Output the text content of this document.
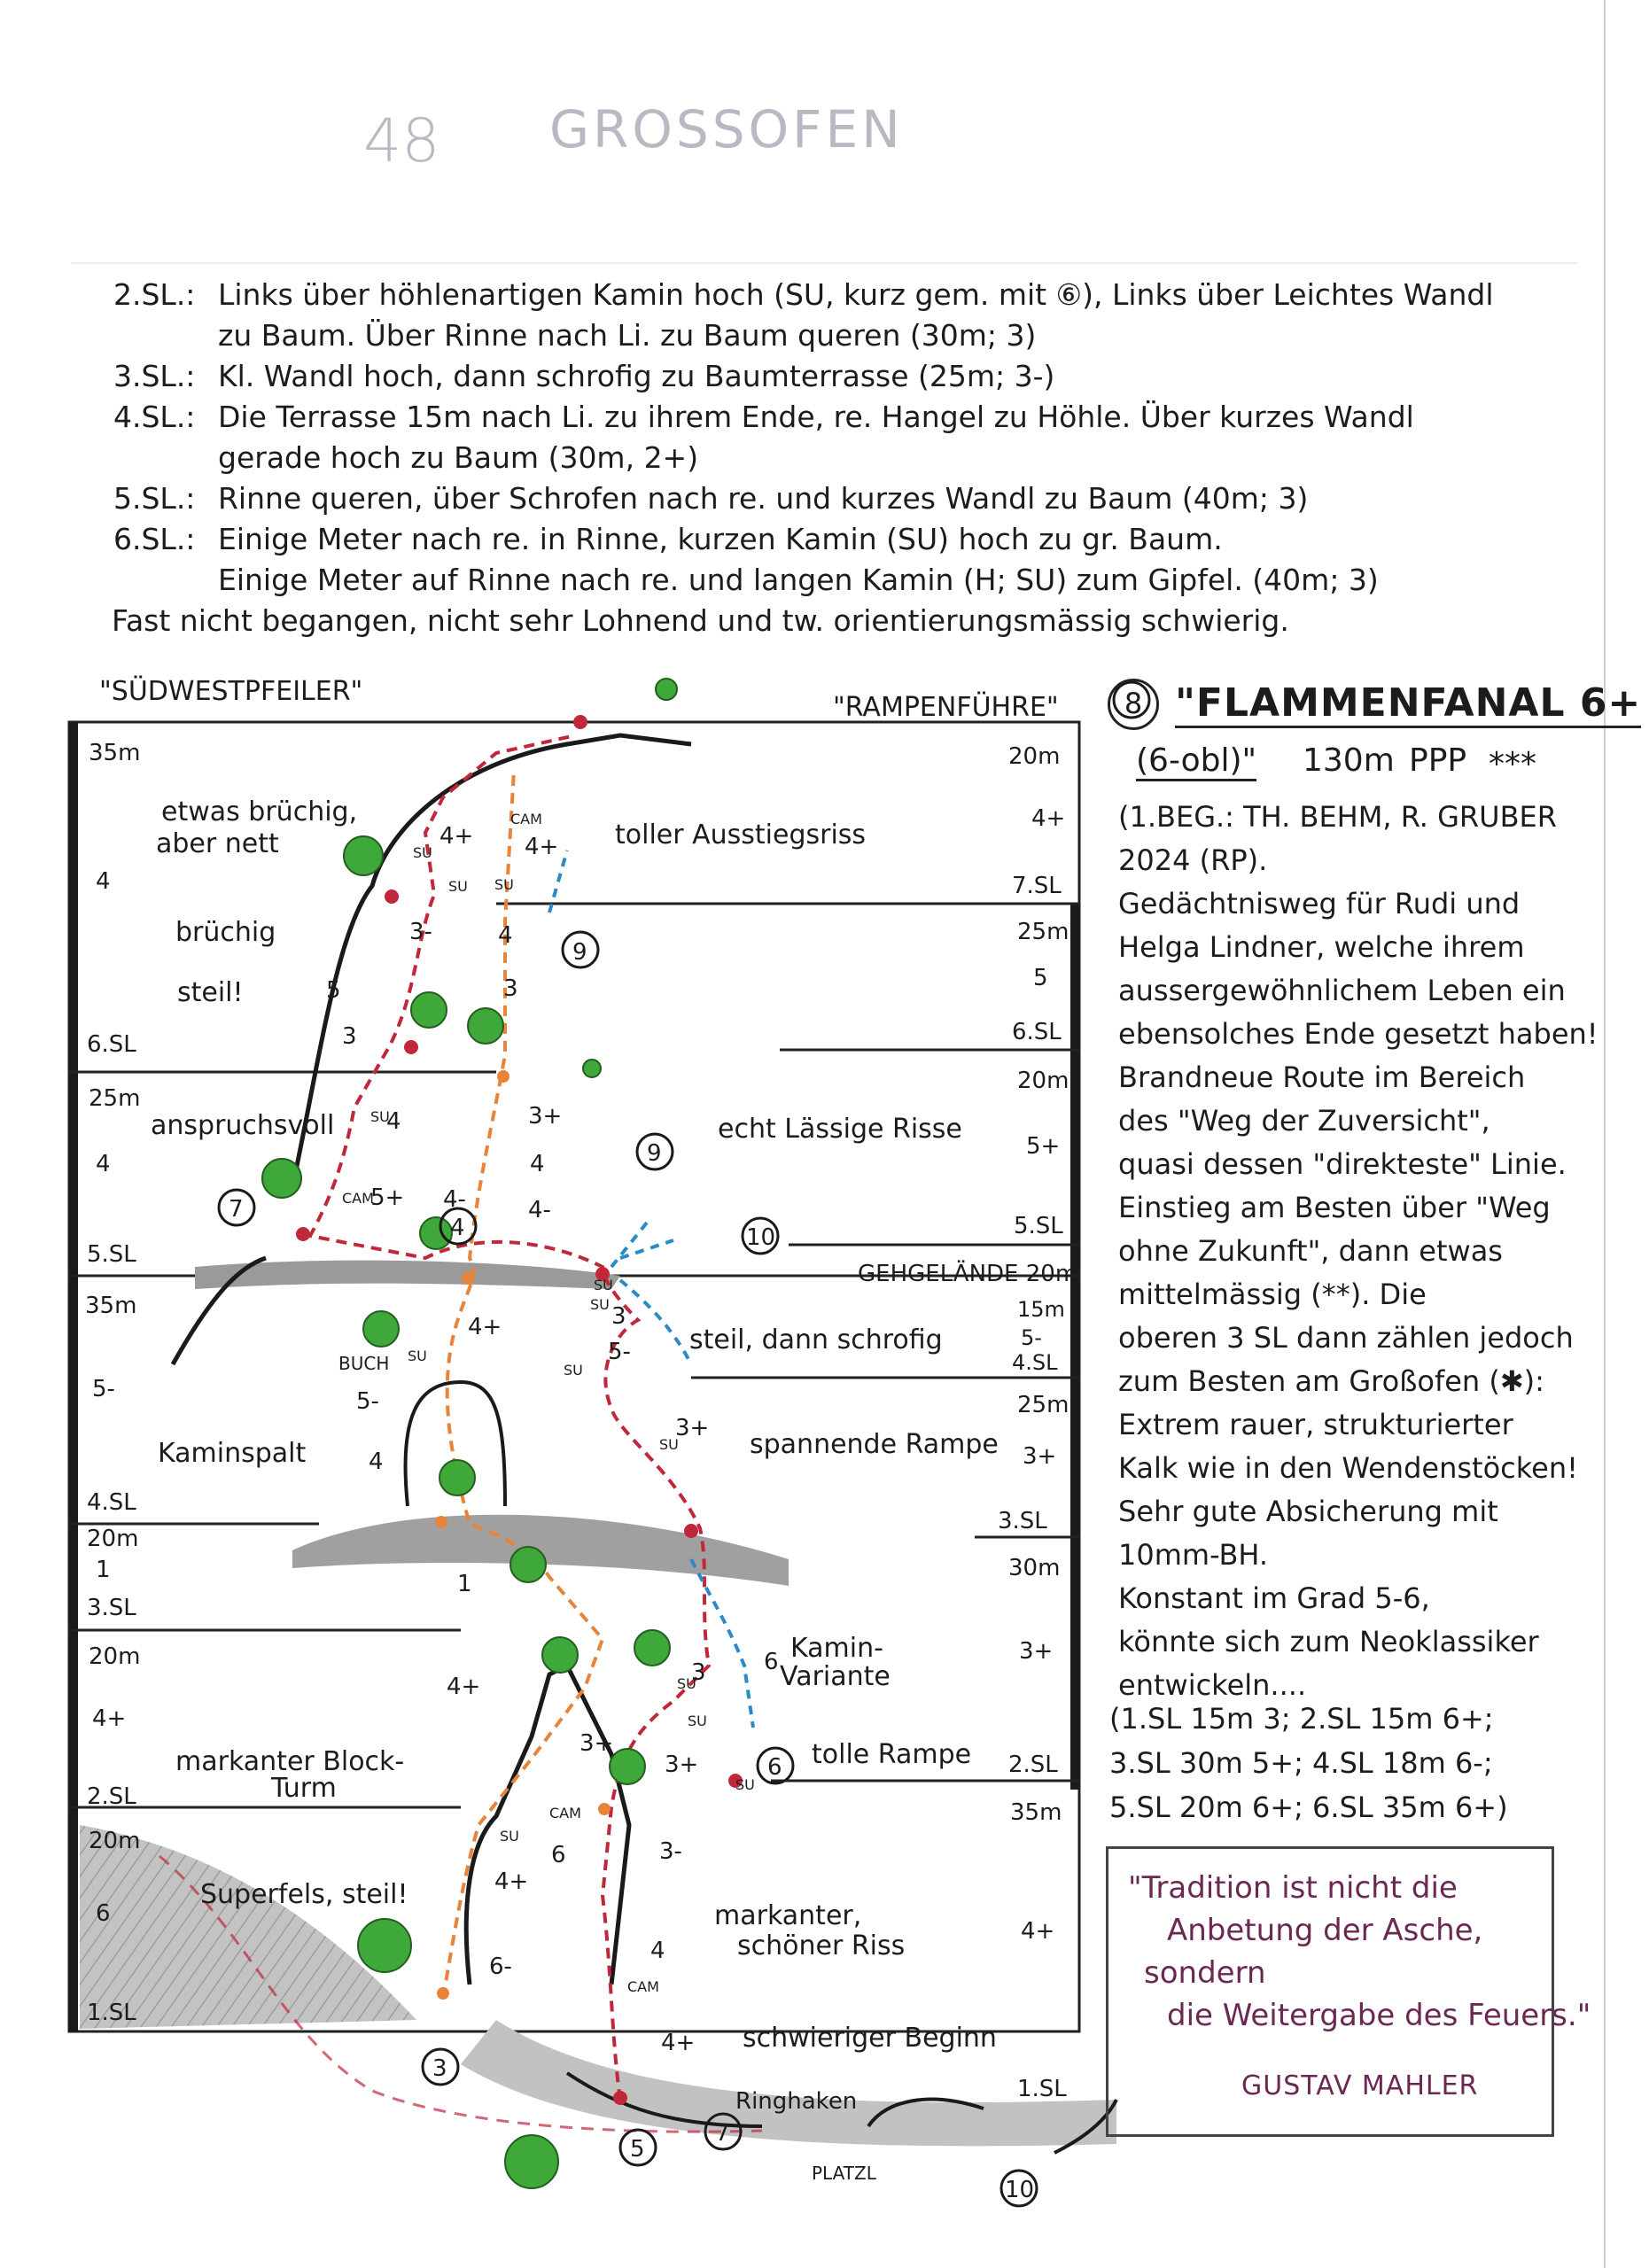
48 GROSSOFEN
2.SL.: Links über höhlenartigen Kamin hoch (SU, kurz gem. mit ⑥), Links über Leichtes Wandl
zu Baum. Über Rinne nach Li. zu Baum queren (30m; 3)
3.SL.: Kl. Wandl hoch, dann schrofig zu Baumterrasse (25m; 3-)
4.SL.: Die Terrasse 15m nach Li. zu ihrem Ende, re. Hangel zu Höhle. Über kurzes Wandl
gerade hoch zu Baum (30m, 2+)
5.SL.: Rinne queren, über Schrofen nach re. und kurzes Wandl zu Baum (40m; 3)
6.SL.: Einige Meter nach re. in Rinne, kurzen Kamin (SU) hoch zu gr. Baum.
Einige Meter auf Rinne nach re. und langen Kamin (H; SU) zum Gipfel. (40m; 3)
Fast nicht begangen, nicht sehr Lohnend und tw. orientierungsmässig schwierig.
"SÜDWESTPFEILER"
"RAMPENFÜHRE"
35m
4
6.SL
25m
4
5.SL
35m
5-
4.SL
20m
1
3.SL
20m
4+
2.SL
20m
6
1.SL
20m
4+
7.SL
25m
5
6.SL
20m
5+
5.SL
GEHGELÄNDE 20m
15m
5-
4.SL
25m
3+
3.SL
30m
3+
2.SL
35m
4+
1.SL
etwas brüchig,
aber nett
brüchig
steil!
anspruchsvoll
Kaminspalt
markanter Block-
Turm
Superfels, steil!
toller Ausstiegsriss
echt Lässige Risse
steil, dann schrofig
spannende Rampe
Kamin-
Variante
tolle Rampe
markanter,
schöner Riss
schwieriger Beginn
Ringhaken
PLATZL
BUCH
4+ 4+
3-	4
5	3
3
4	3+
4
4-	4-
5+
4+	3
5-
5-
4
3+
1
4+
3	6
3+
3+
6
4+
6-
3-
4
4+
CAM
SU
SU SU
CAM
SU
SU
SU
SU
SU
SU
SU
CAM
SU
SU
SU
CAM
9
9
10
7
4
6
3
5
7
10
8 "FLAMMENFANAL 6+
(6-obl)" 130m PPP ***
(1.BEG.: TH. BEHM, R. GRUBER
2024 (RP).
Gedächtnisweg für Rudi und
Helga Lindner, welche ihrem
aussergewöhnlichem Leben ein
ebensolches Ende gesetzt haben!
Brandneue Route im Bereich
des "Weg der Zuversicht",
quasi dessen "direkteste" Linie.
Einstieg am Besten über "Weg
ohne Zukunft", dann etwas
mittelmässig (**). Die
oberen 3 SL dann zählen jedoch
zum Besten am Großofen (✱):
Extrem rauer, strukturierter
Kalk wie in den Wendenstöcken!
Sehr gute Absicherung mit
10mm-BH.
Konstant im Grad 5-6,
könnte sich zum Neoklassiker
entwickeln....
(1.SL 15m 3; 2.SL 15m 6+;
3.SL 30m 5+; 4.SL 18m 6-;
5.SL 20m 6+; 6.SL 35m 6+)
"Tradition ist nicht die
Anbetung der Asche,
sondern
die Weitergabe des Feuers."
GUSTAV MAHLER
